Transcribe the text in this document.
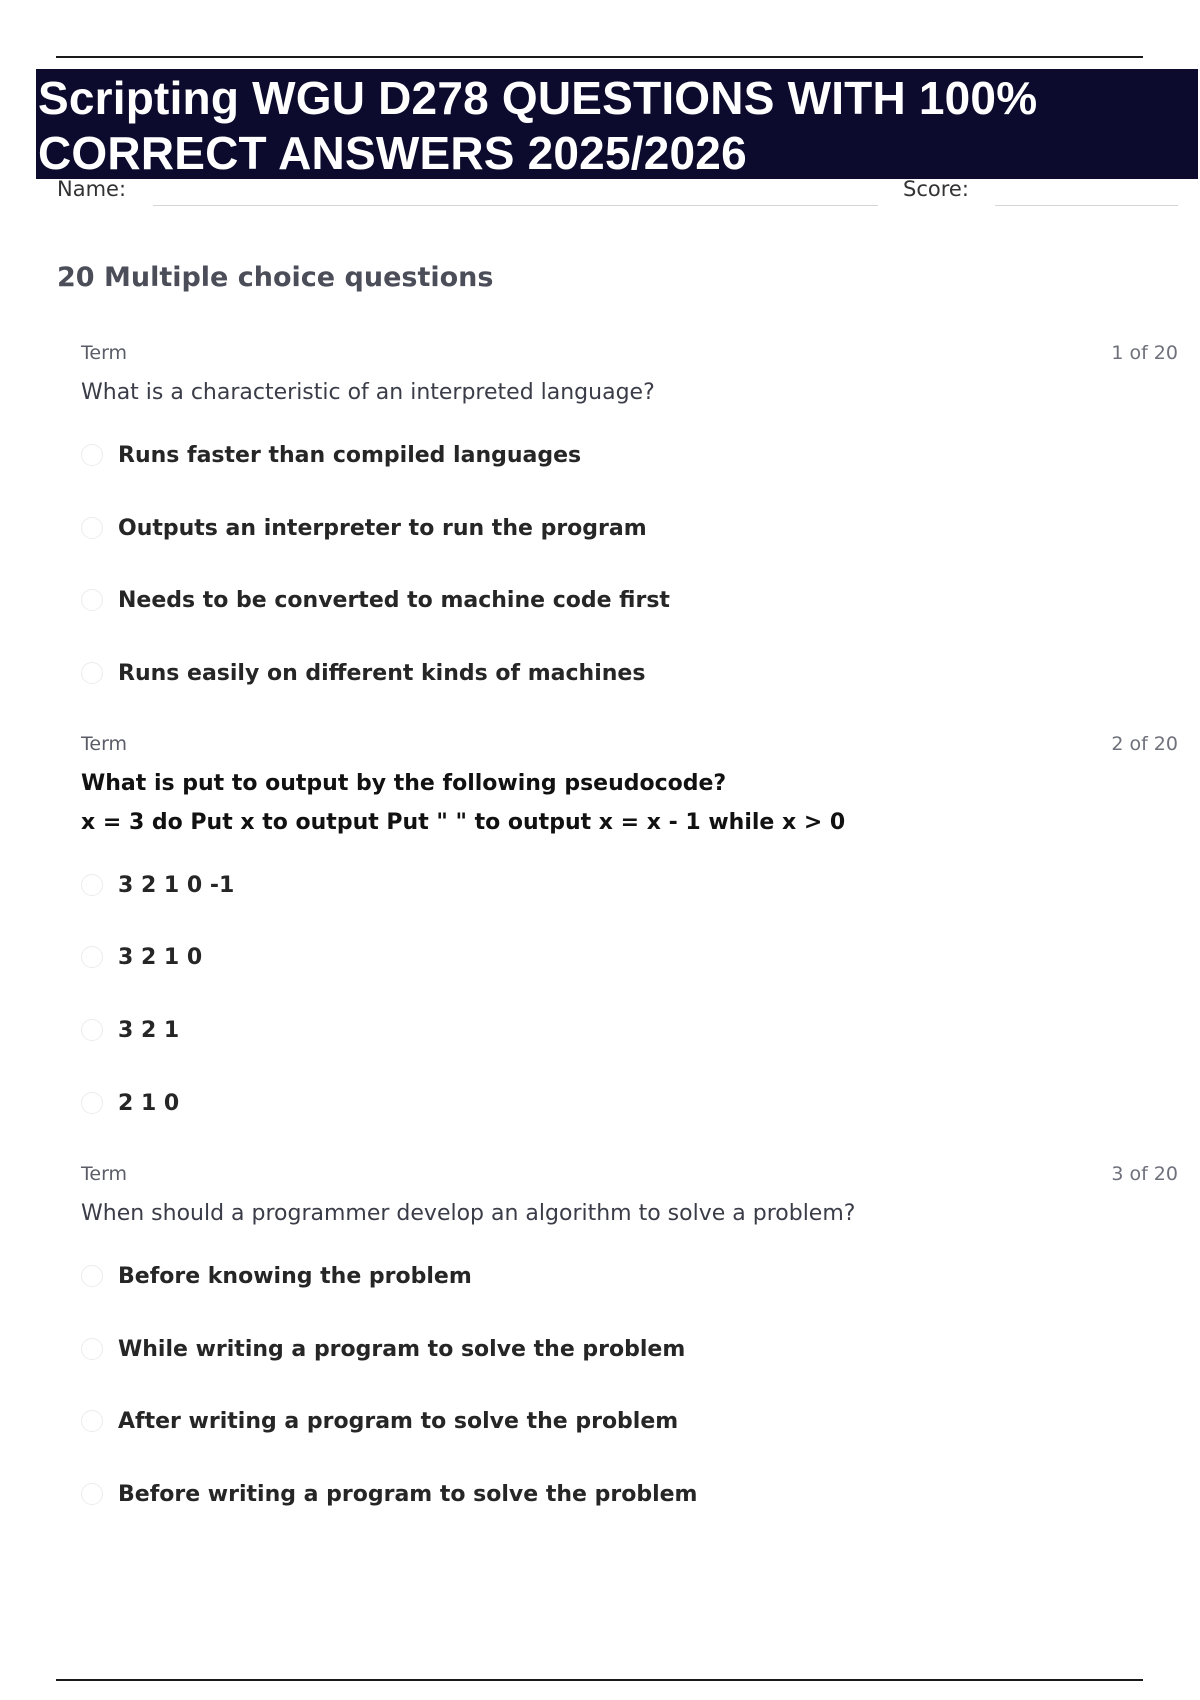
Scripting WGU D278 QUESTIONS WITH 100%
CORRECT ANSWERS 2025/2026
Name:	Score:
20 Multiple choice questions
Term	1 of 20
What is a characteristic of an interpreted language?
Runs faster than compiled languages
Outputs an interpreter to run the program
Needs to be converted to machine code first
Runs easily on different kinds of machines
Term	2 of 20
What is put to output by the following pseudocode?
x = 3 do Put x to output Put " " to output x = x - 1 while x > 0
3 2 1 0 -1
3 2 1 0
3 2 1
2 1 0
Term	3 of 20
When should a programmer develop an algorithm to solve a problem?
Before knowing the problem
While writing a program to solve the problem
After writing a program to solve the problem
Before writing a program to solve the problem
